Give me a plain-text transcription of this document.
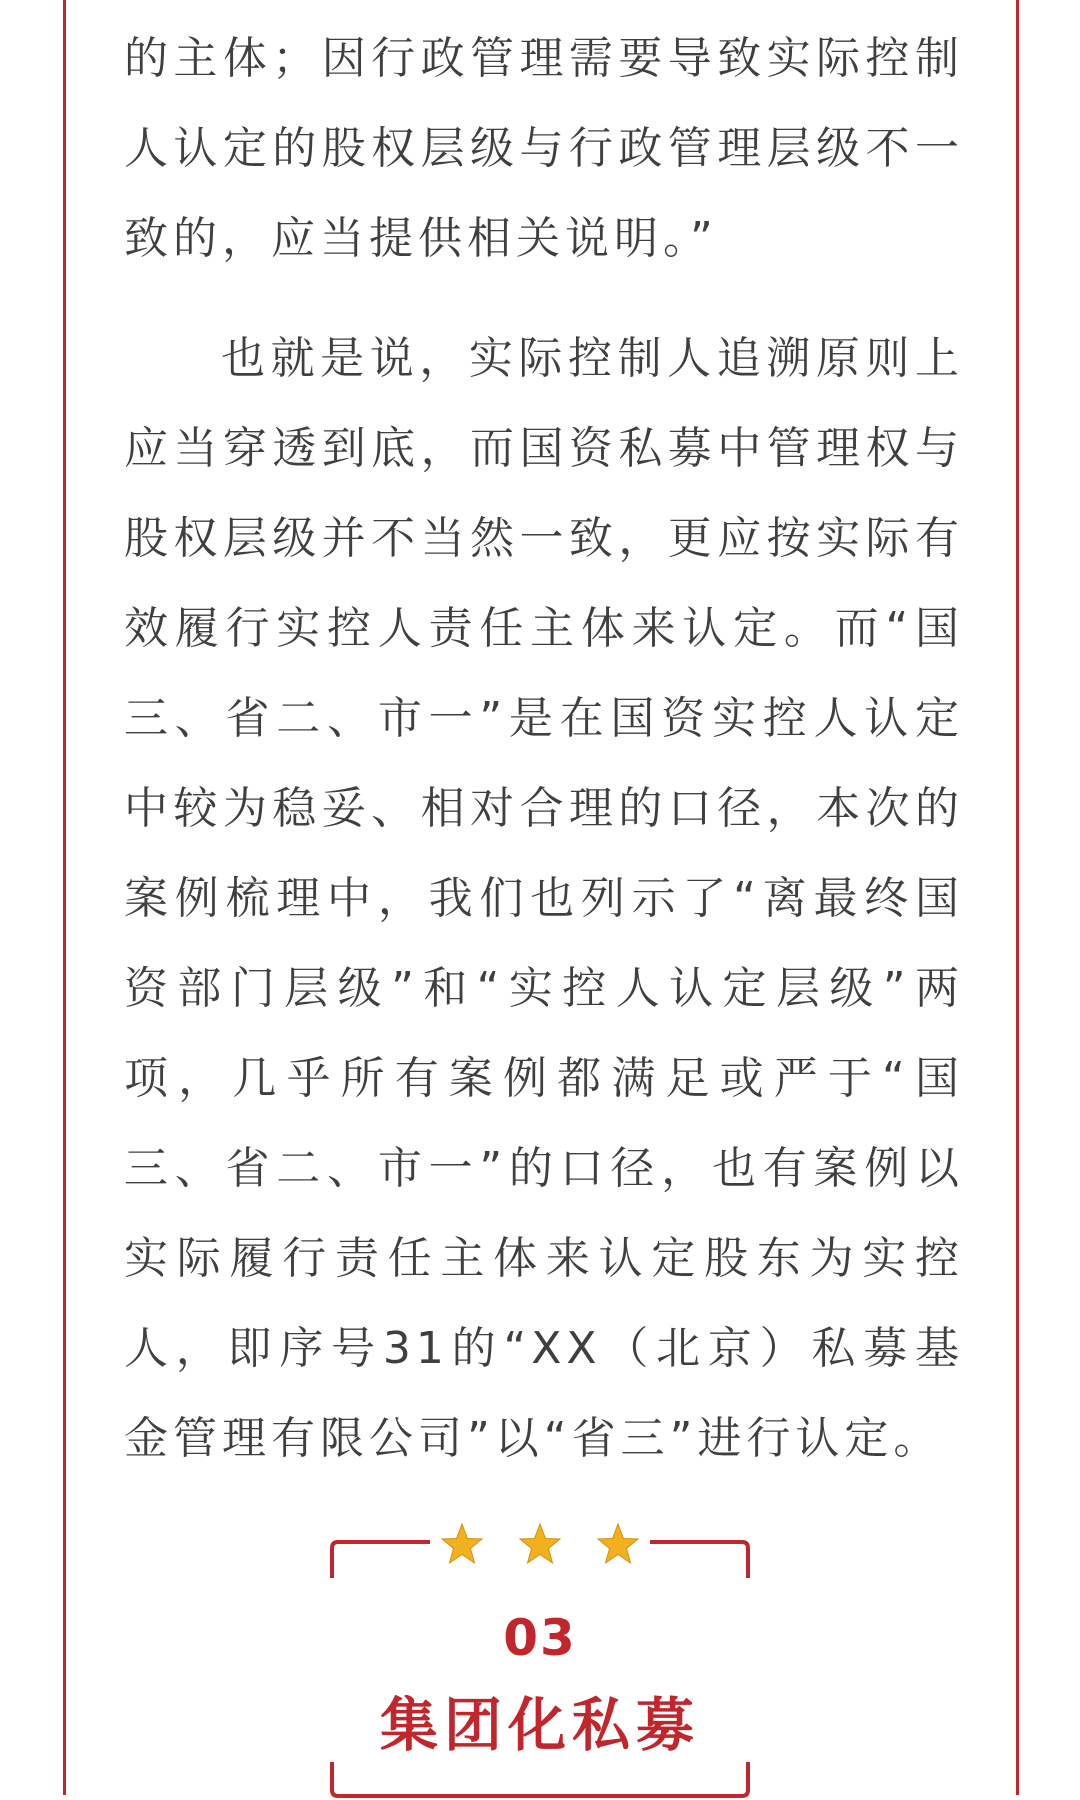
的主体；因行政管理需要导致实际控制人认定的股权层级与行政管理层级不一致的，应当提供相关说明。”

也就是说，实际控制人追溯原则上应当穿透到底，而国资私募中管理权与股权层级并不当然一致，更应按实际有效履行实控人责任主体来认定。而“国三、省二、市一”是在国资实控人认定中较为稳妥、相对合理的口径，本次的案例梳理中，我们也列示了“离最终国资部门层级”和“实控人认定层级”两项，几乎所有案例都满足或严于“国三、省二、市一”的口径，也有案例以实际履行责任主体来认定股东为实控人，即序号31的“XX（北京）私募基金管理有限公司”以“省三”进行认定。

03
集团化私募
